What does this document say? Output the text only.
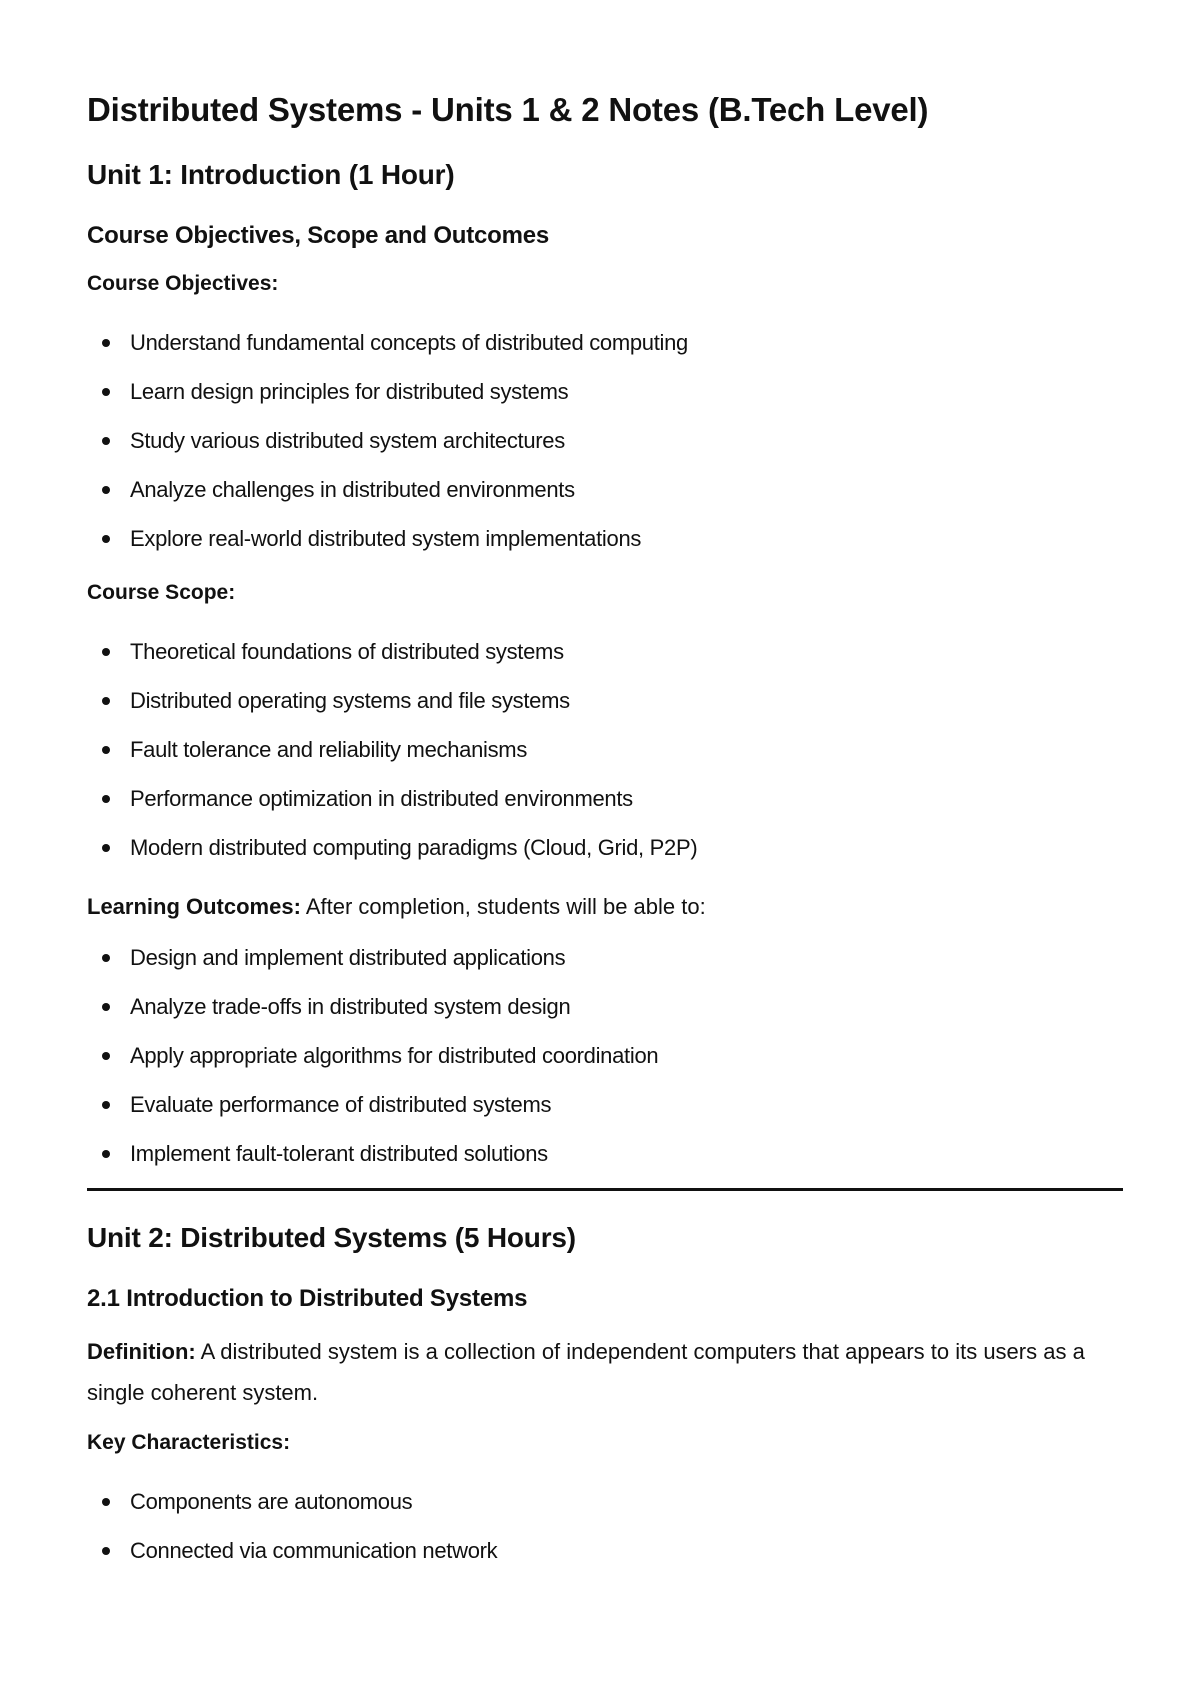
Distributed Systems - Units 1 & 2 Notes (B.Tech Level)
Unit 1: Introduction (1 Hour)
Course Objectives, Scope and Outcomes
Course Objectives:
Understand fundamental concepts of distributed computing
Learn design principles for distributed systems
Study various distributed system architectures
Analyze challenges in distributed environments
Explore real-world distributed system implementations
Course Scope:
Theoretical foundations of distributed systems
Distributed operating systems and file systems
Fault tolerance and reliability mechanisms
Performance optimization in distributed environments
Modern distributed computing paradigms (Cloud, Grid, P2P)
Learning Outcomes: After completion, students will be able to:
Design and implement distributed applications
Analyze trade-offs in distributed system design
Apply appropriate algorithms for distributed coordination
Evaluate performance of distributed systems
Implement fault-tolerant distributed solutions
Unit 2: Distributed Systems (5 Hours)
2.1 Introduction to Distributed Systems
Definition: A distributed system is a collection of independent computers that appears to its users as a single coherent system.
Key Characteristics:
Components are autonomous
Connected via communication network
